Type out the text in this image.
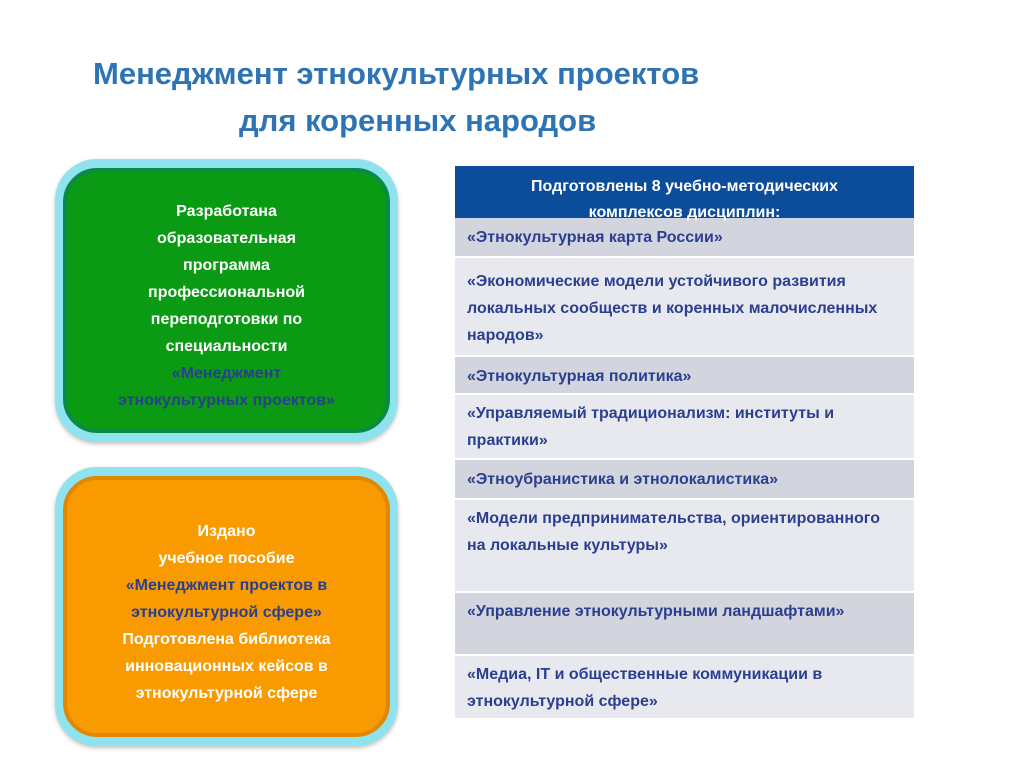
Менеджмент этнокультурных проектов
для коренных народов
Разработана
образовательная
программа
профессиональной
переподготовки по
специальности
«Менеджмент
этнокультурных проектов»
Издано
учебное пособие
«Менеджмент проектов в
этнокультурной сфере»
Подготовлена библиотека
инновационных кейсов в
этнокультурной сфере
Подготовлены 8 учебно-методических
комплексов дисциплин:
«Этнокультурная карта России»
«Экономические модели устойчивого развития локальных сообществ и коренных малочисленных народов»
«Этнокультурная политика»
«Управляемый традиционализм: институты и практики»
«Этноубранистика и этнолокалистика»
«Модели предпринимательства, ориентированного на локальные культуры»
«Управление этнокультурными ландшафтами»
«Медиа, IT и общественные коммуникации в этнокультурной сфере»
